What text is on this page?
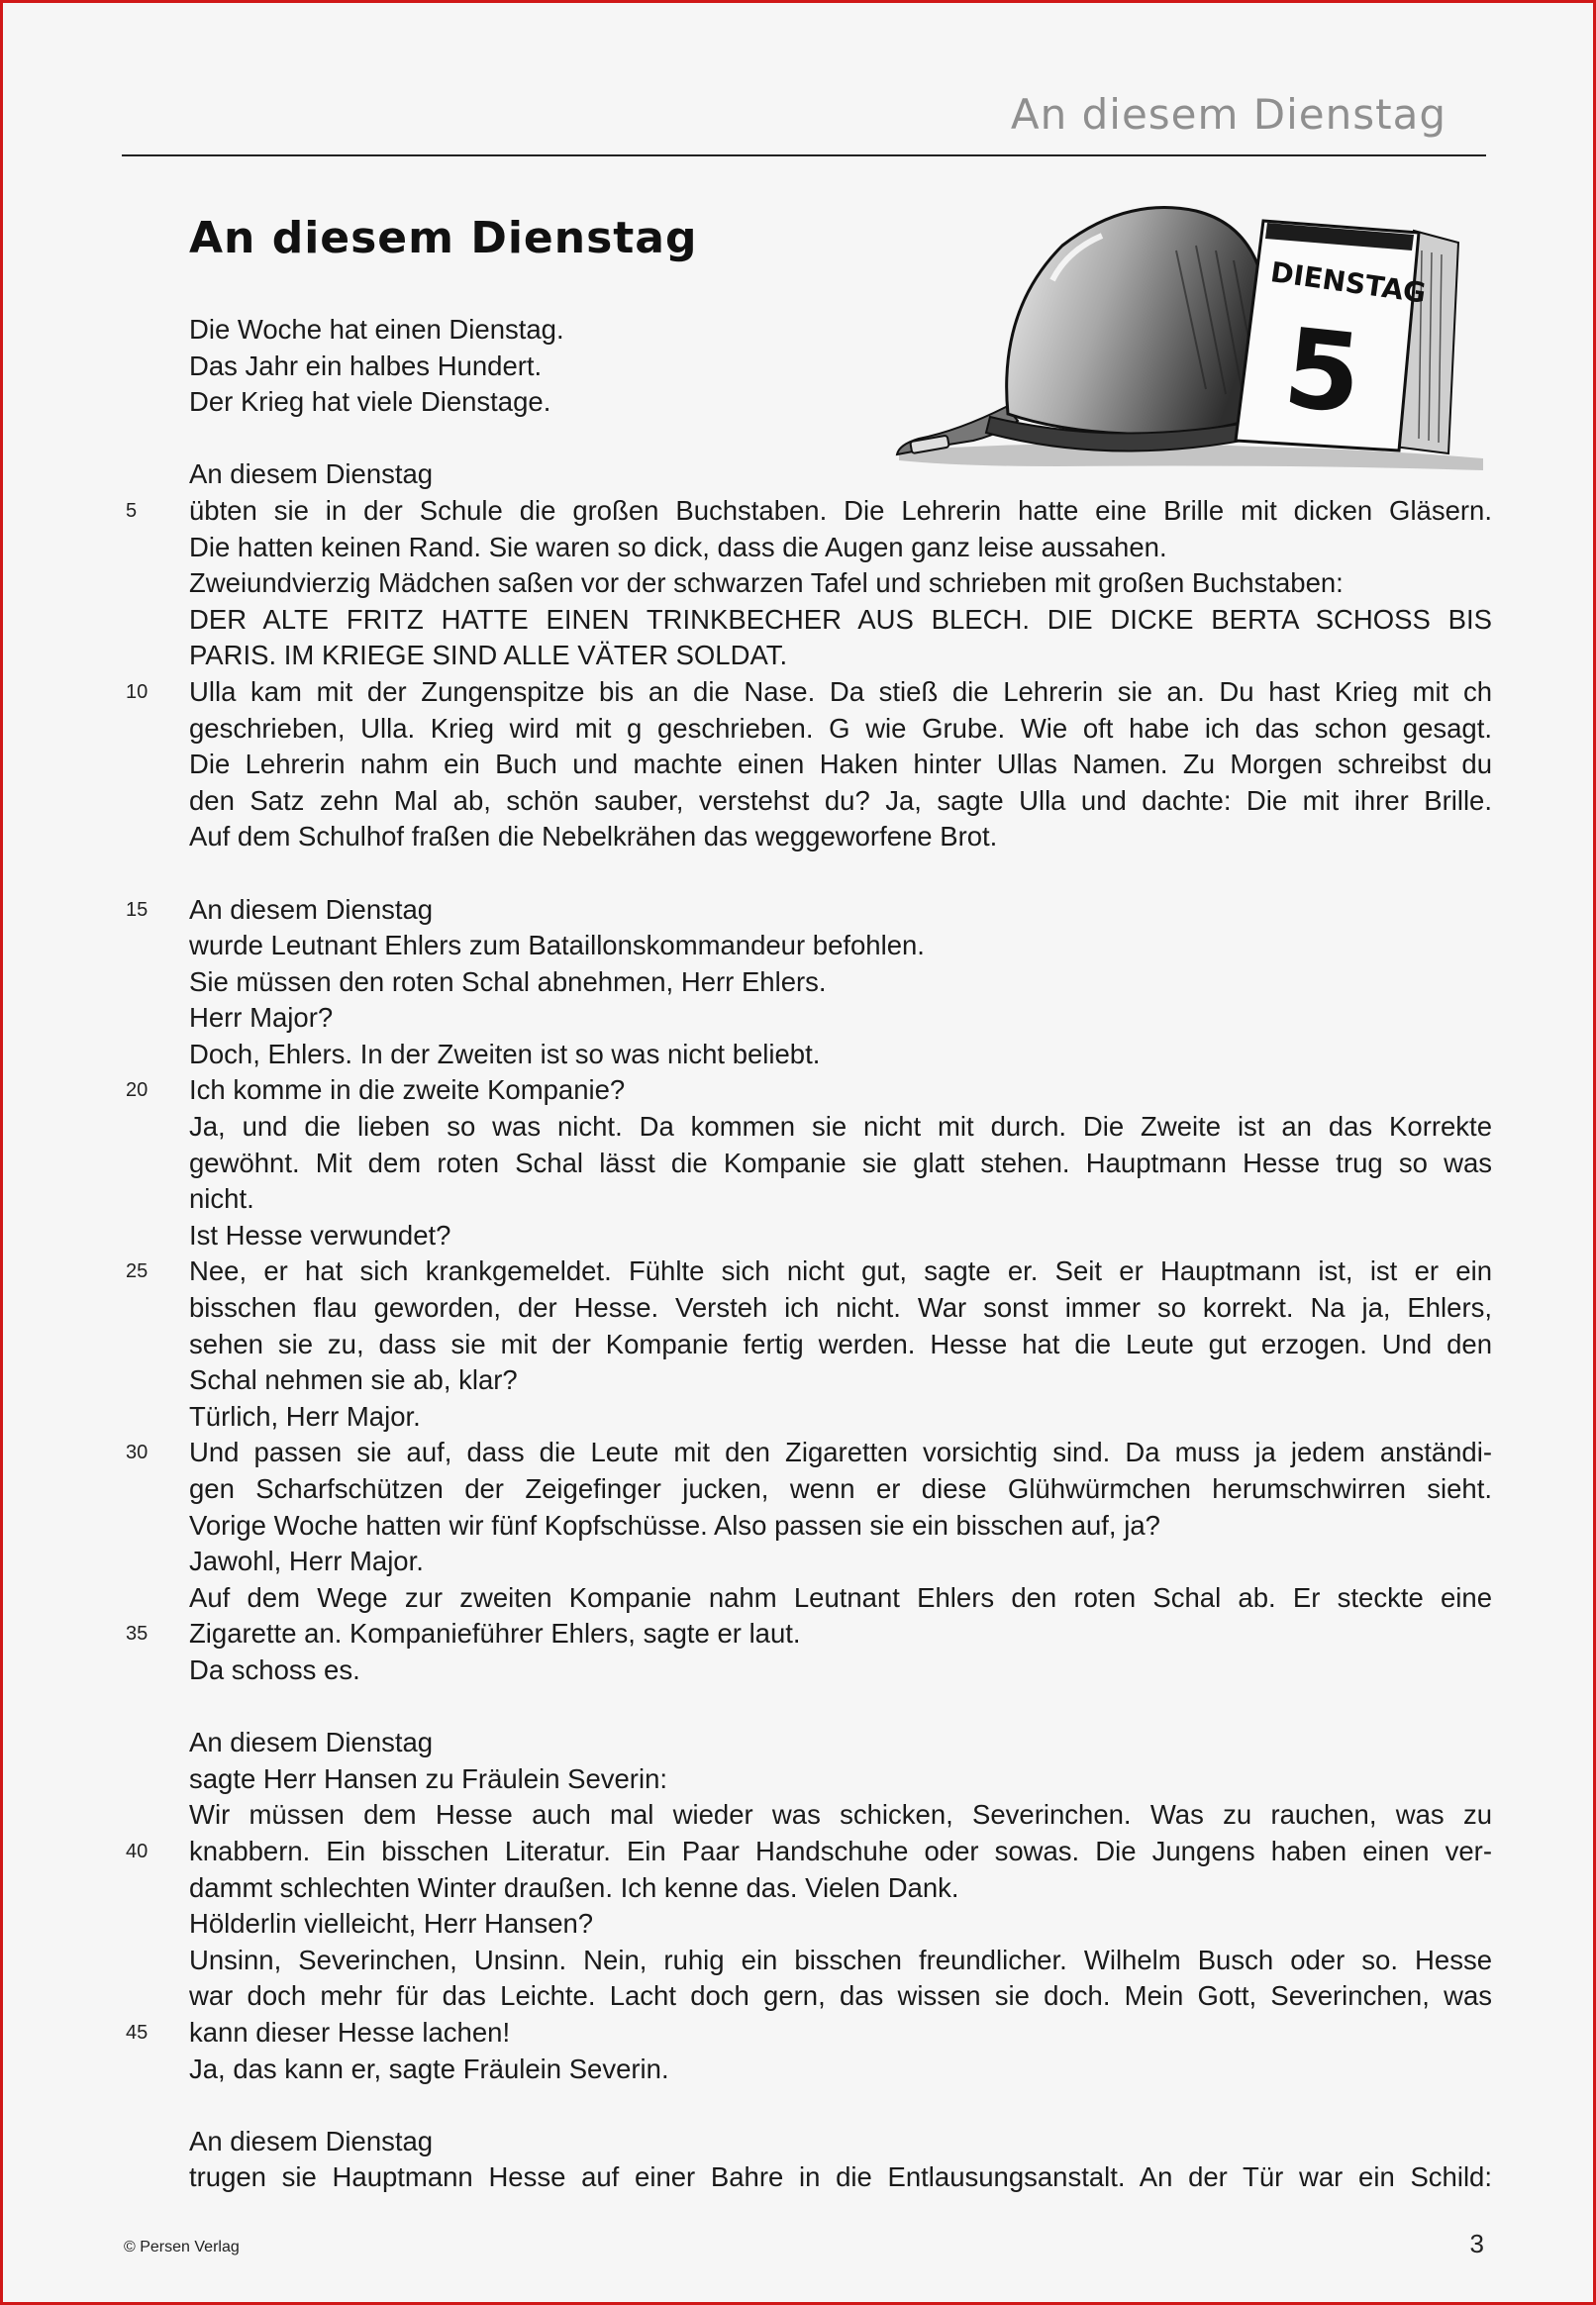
An diesem Dienstag
An diesem Dienstag
DIENSTAG
5
Die Woche hat einen Dienstag.
Das Jahr ein halbes Hundert.
Der Krieg hat viele Dienstage.
An diesem Dienstag
5 übten sie in der Schule die großen Buchstaben. Die Lehrerin hatte eine Brille mit dicken Gläsern.
Die hatten keinen Rand. Sie waren so dick, dass die Augen ganz leise aussahen.
Zweiundvierzig Mädchen saßen vor der schwarzen Tafel und schrieben mit großen Buchstaben:
DER ALTE FRITZ HATTE EINEN TRINKBECHER AUS BLECH. DIE DICKE BERTA SCHOSS BIS
PARIS. IM KRIEGE SIND ALLE VÄTER SOLDAT.
10 Ulla kam mit der Zungenspitze bis an die Nase. Da stieß die Lehrerin sie an. Du hast Krieg mit ch
geschrieben, Ulla. Krieg wird mit g geschrieben. G wie Grube. Wie oft habe ich das schon gesagt.
Die Lehrerin nahm ein Buch und machte einen Haken hinter Ullas Namen. Zu Morgen schreibst du
den Satz zehn Mal ab, schön sauber, verstehst du? Ja, sagte Ulla und dachte: Die mit ihrer Brille.
Auf dem Schulhof fraßen die Nebelkrähen das weggeworfene Brot.
15 An diesem Dienstag
wurde Leutnant Ehlers zum Bataillonskommandeur befohlen.
Sie müssen den roten Schal abnehmen, Herr Ehlers.
Herr Major?
Doch, Ehlers. In der Zweiten ist so was nicht beliebt.
20 Ich komme in die zweite Kompanie?
Ja, und die lieben so was nicht. Da kommen sie nicht mit durch. Die Zweite ist an das Korrekte
gewöhnt. Mit dem roten Schal lässt die Kompanie sie glatt stehen. Hauptmann Hesse trug so was
nicht.
Ist Hesse verwundet?
25 Nee, er hat sich krankgemeldet. Fühlte sich nicht gut, sagte er. Seit er Hauptmann ist, ist er ein
bisschen flau geworden, der Hesse. Versteh ich nicht. War sonst immer so korrekt. Na ja, Ehlers,
sehen sie zu, dass sie mit der Kompanie fertig werden. Hesse hat die Leute gut erzogen. Und den
Schal nehmen sie ab, klar?
Türlich, Herr Major.
30 Und passen sie auf, dass die Leute mit den Zigaretten vorsichtig sind. Da muss ja jedem anständi-
gen Scharfschützen der Zeigefinger jucken, wenn er diese Glühwürmchen herumschwirren sieht.
Vorige Woche hatten wir fünf Kopfschüsse. Also passen sie ein bisschen auf, ja?
Jawohl, Herr Major.
Auf dem Wege zur zweiten Kompanie nahm Leutnant Ehlers den roten Schal ab. Er steckte eine
35 Zigarette an. Kompanieführer Ehlers, sagte er laut.
Da schoss es.
An diesem Dienstag
sagte Herr Hansen zu Fräulein Severin:
Wir müssen dem Hesse auch mal wieder was schicken, Severinchen. Was zu rauchen, was zu
40 knabbern. Ein bisschen Literatur. Ein Paar Handschuhe oder sowas. Die Jungens haben einen ver-
dammt schlechten Winter draußen. Ich kenne das. Vielen Dank.
Hölderlin vielleicht, Herr Hansen?
Unsinn, Severinchen, Unsinn. Nein, ruhig ein bisschen freundlicher. Wilhelm Busch oder so. Hesse
war doch mehr für das Leichte. Lacht doch gern, das wissen sie doch. Mein Gott, Severinchen, was
45 kann dieser Hesse lachen!
Ja, das kann er, sagte Fräulein Severin.
An diesem Dienstag
trugen sie Hauptmann Hesse auf einer Bahre in die Entlausungsanstalt. An der Tür war ein Schild:
© Persen Verlag	3
